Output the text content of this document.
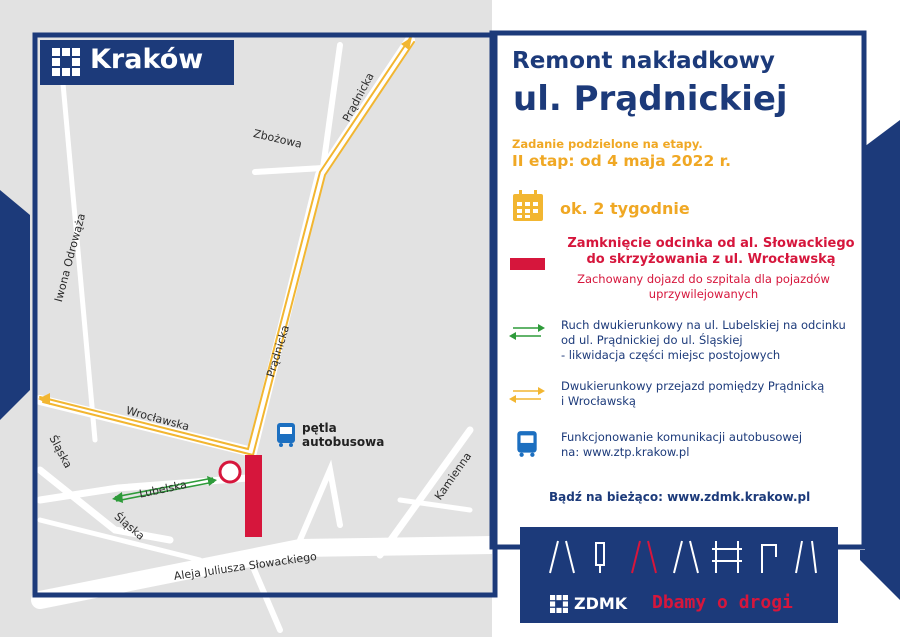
Kraków
Prądnicka
Zbożowa
Iwona Odrowąża
Prądnicka
Wrocławska
Śląska
Lubelska
Śląska
Kamienna
Aleja Juliusza Słowackiego
pętla
autobusowa
Remont nakładkowy
ul. Prądnickiej
Zadanie podzielone na etapy.
II etap: od 4 maja 2022 r.
ok. 2 tygodnie
Zamknięcie odcinka od al. Słowackiego do skrzyżowania z ul. Wrocławską
Zachowany dojazd do szpitala dla pojazdów uprzywilejowanych
Ruch dwukierunkowy na ul. Lubelskiej na odcinku
od ul. Prądnickiej do ul. Śląskiej
- likwidacja części miejsc postojowych
Dwukierunkowy przejazd pomiędzy Prądnicką
i Wrocławską
Funkcjonowanie komunikacji autobusowej
na: www.ztp.krakow.pl
Bądź na bieżąco: www.zdmk.krakow.pl
ZDMK Dbamy o drogi
